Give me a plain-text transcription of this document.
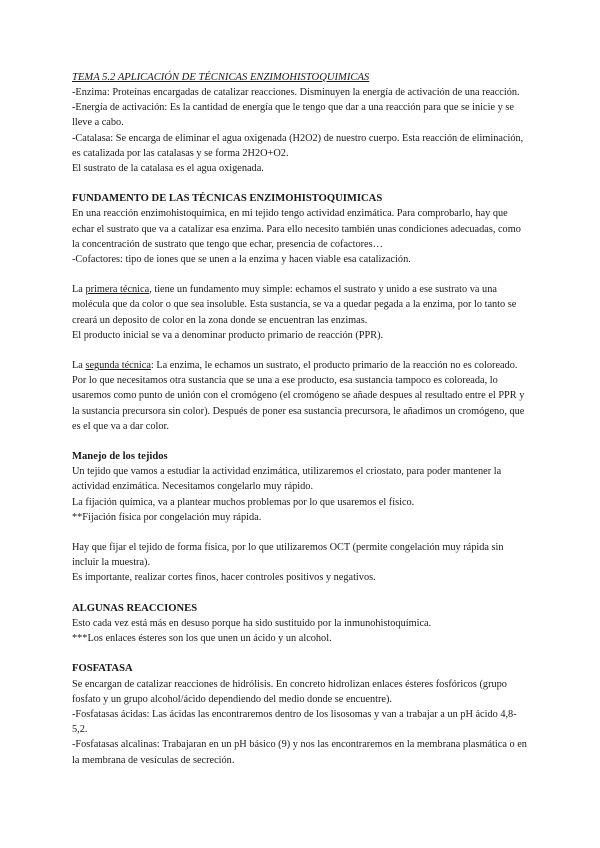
TEMA 5.2 APLICACIÓN DE TÉCNICAS ENZIMOHISTOQUIMICAS

-Enzima: Proteínas encargadas de catalizar reacciones. Disminuyen la energía de activación de una reacción.

-Energía de activación: Es la cantidad de energía que le tengo que dar a una reacción para que se inicie y se lleve a cabo.

-Catalasa: Se encarga de eliminar el agua oxigenada (H2O2) de nuestro cuerpo. Esta reacción de eliminación, es catalizada por las catalasas y se forma 2H2O+O2.

El sustrato de la catalasa es el agua oxigenada.

FUNDAMENTO DE LAS TÉCNICAS ENZIMOHISTOQUIMICAS

En una reacción enzimohistoquímica, en mi tejido tengo actividad enzimática. Para comprobarlo, hay que echar el sustrato que va a catalizar esa enzima. Para ello necesito también unas condiciones adecuadas, como la concentración de sustrato que tengo que echar, presencia de cofactores…

-Cofactores: tipo de iones que se unen a la enzima y hacen viable esa catalización.

La primera técnica, tiene un fundamento muy simple: echamos el sustrato y unido a ese sustrato va una molécula que da color o que sea insoluble. Esta sustancia, se va a quedar pegada a la enzima, por lo tanto se creará un deposito de color en la zona donde se encuentran las enzimas.

El producto inicial se va a denominar producto primario de reacción (PPR).

La segunda técnica: La enzima, le echamos un sustrato, el producto primario de la reacción no es coloreado. Por lo que necesitamos otra sustancia que se una a ese producto, esa sustancia tampoco es coloreada, lo usaremos como punto de unión con el cromógeno (el cromógeno se añade despues al resultado entre el PPR y la sustancia precursora sin color). Después de poner esa sustancia precursora, le añadimos un cromógeno, que es el que va a dar color.

Manejo de los tejidos

Un tejido que vamos a estudiar la actividad enzimática, utilizaremos el criostato, para poder mantener la actividad enzimática. Necesitamos congelarlo muy rápido.

La fijación química, va a plantear muchos problemas por lo que usaremos el físico.

**Fijación física por congelación muy rápida.

Hay que fijar el tejido de forma física, por lo que utilizaremos OCT (permite congelación muy rápida sin incluir la muestra).

Es importante, realizar cortes finos, hacer controles positivos y negativos.

ALGUNAS REACCIONES

Esto cada vez está más en desuso porque ha sido sustituido por la inmunohistoquímica.

***Los enlaces ésteres son los que unen un ácido y un alcohol.

FOSFATASA

Se encargan de catalizar reacciones de hidrólisis. En concreto hidrolizan enlaces ésteres fosfóricos (grupo fosfato y un grupo alcohol/ácido dependiendo del medio donde se encuentre).

-Fosfatasas ácidas: Las ácidas las encontraremos dentro de los lisosomas y van a trabajar a un pH ácido 4,8-5,2.

-Fosfatasas alcalinas: Trabajaran en un pH básico (9) y nos las encontraremos en la membrana plasmática o en la membrana de vesículas de secreción.
